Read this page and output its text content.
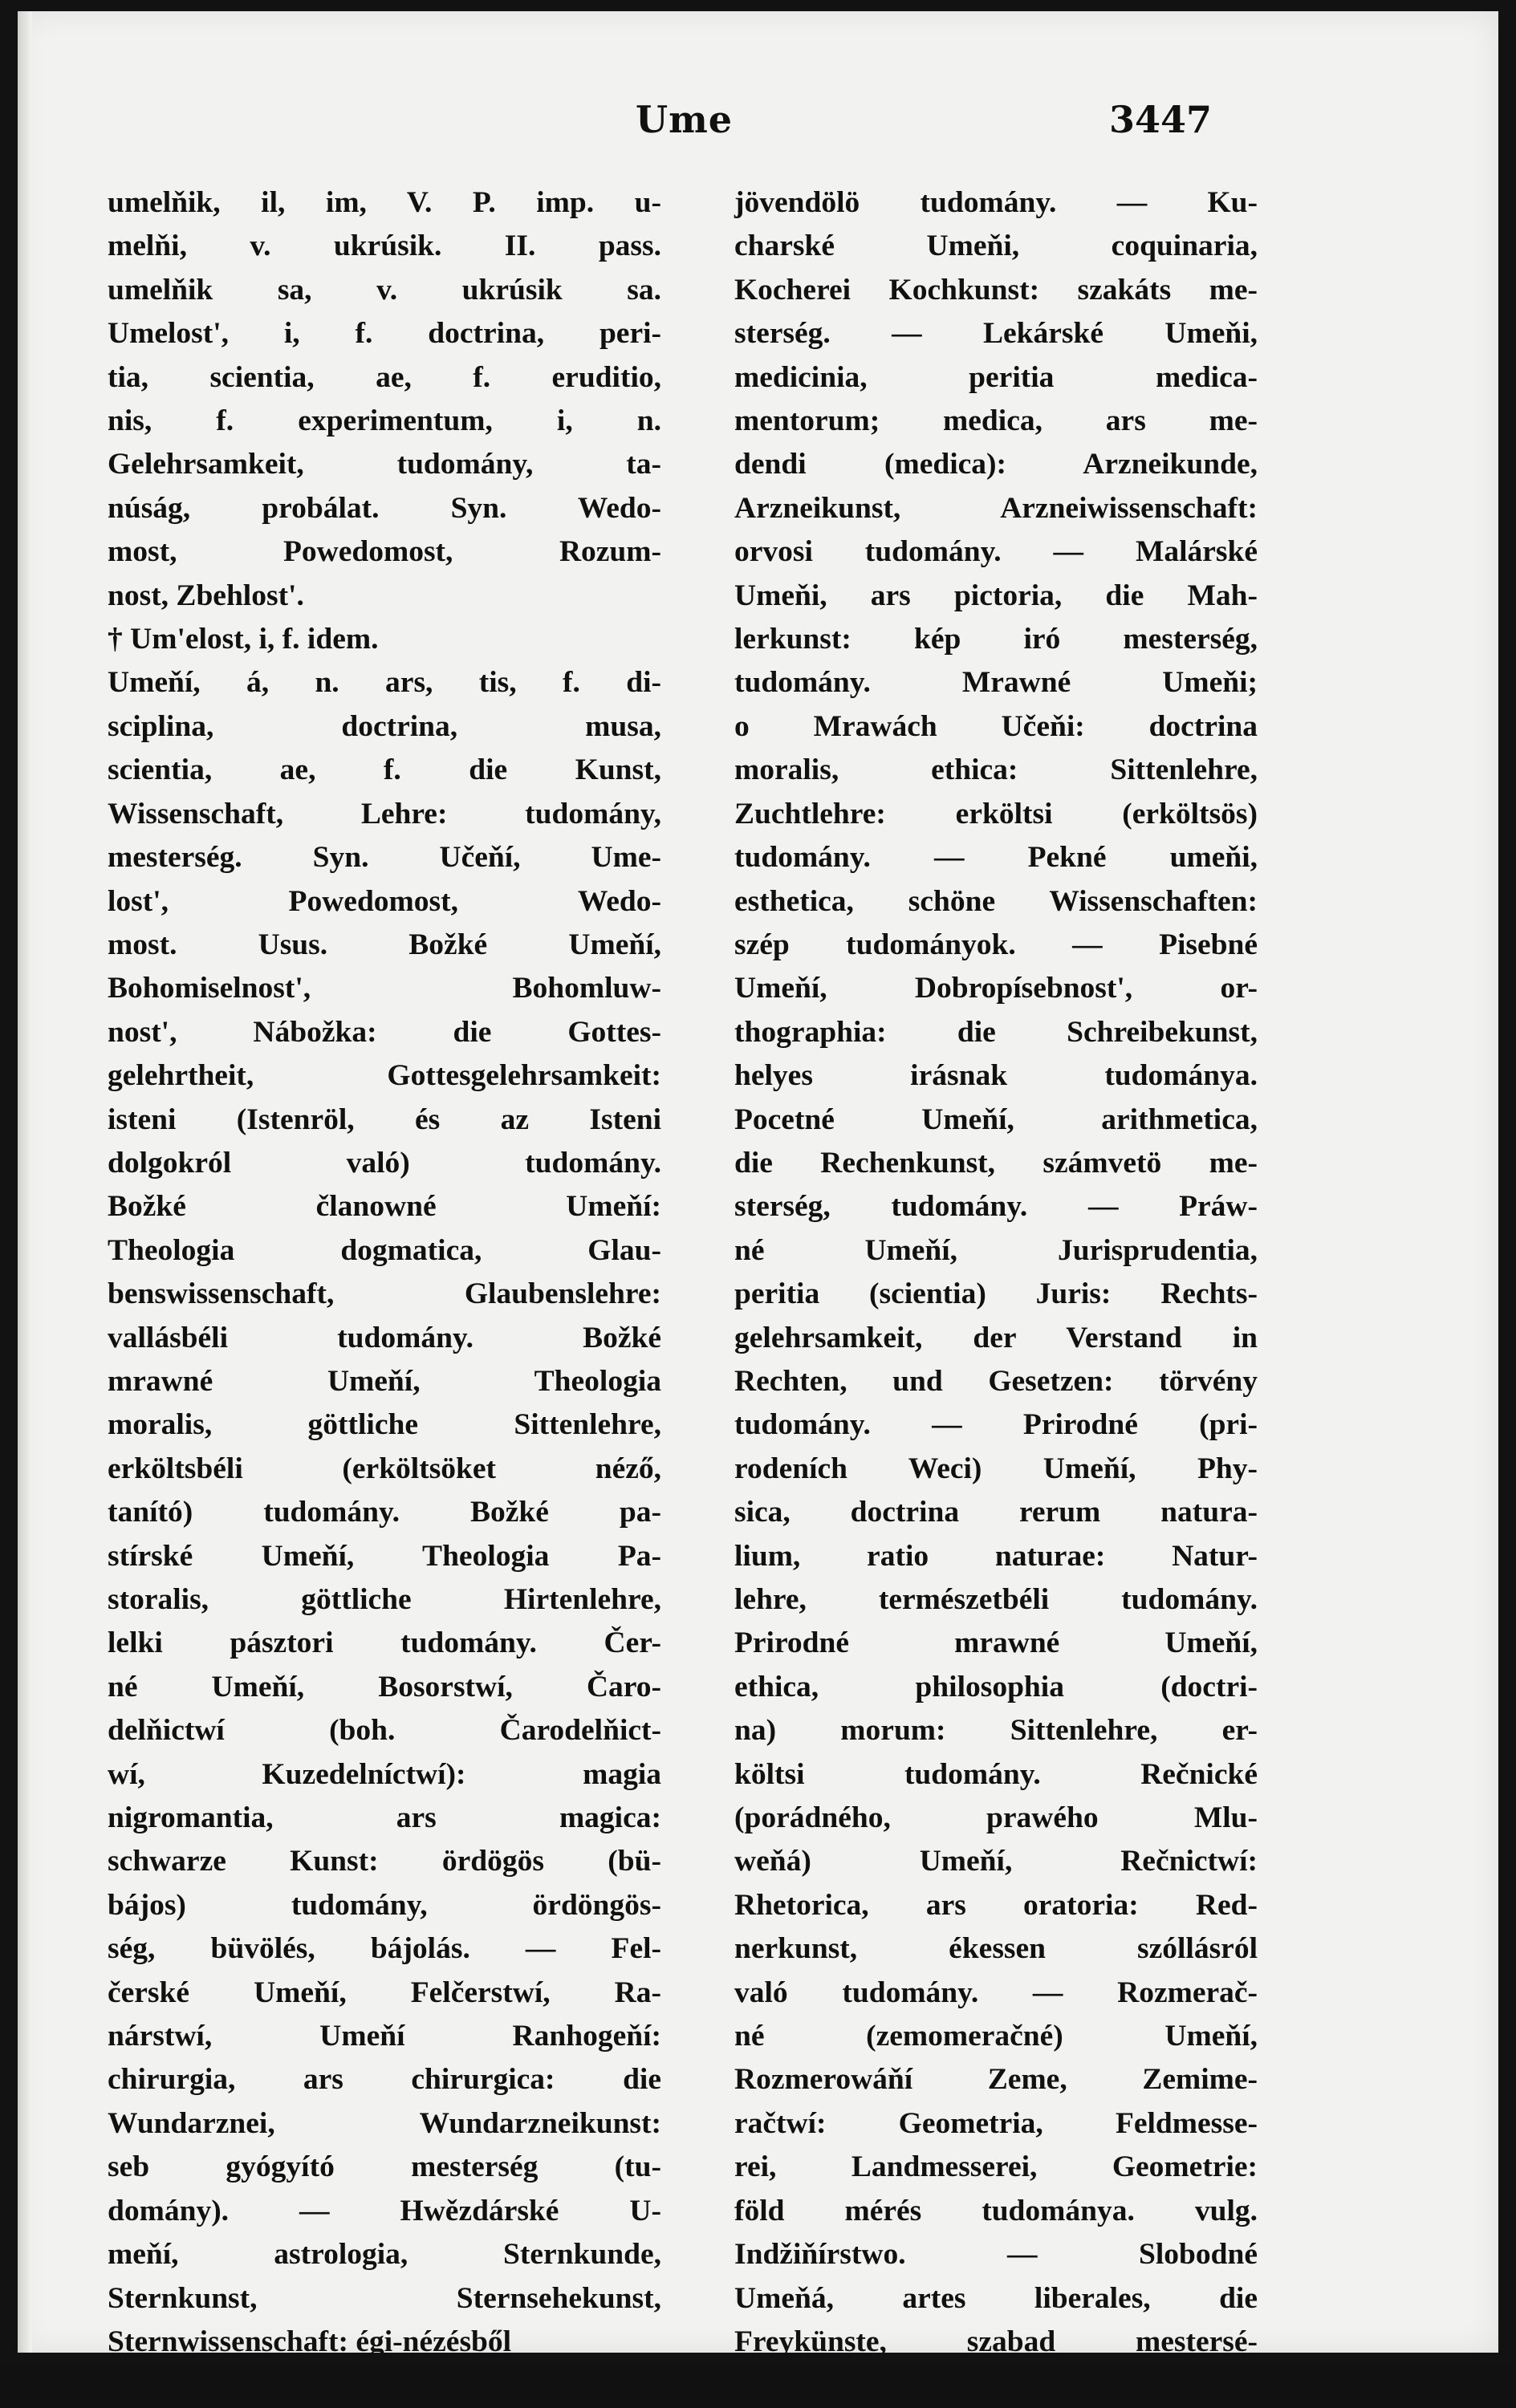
Ume	3447
umelňik, il, im, V. P. imp. u-
melňi, v. ukrúsik. II. pass.
umelňik sa, v. ukrúsik sa.
Umelost', i, f. doctrina, peri-
tia, scientia, ae, f. eruditio,
nis, f. experimentum, i, n.
Gelehrsamkeit, tudomány, ta-
núság, probálat. Syn. Wedo-
most, Powedomost, Rozum-
nost, Zbehlost'.
† Um'elost, i, f. idem.
Umeňí, á, n. ars, tis, f. di-
sciplina, doctrina, musa,
scientia, ae, f. die Kunst,
Wissenschaft, Lehre: tudomány,
mesterség. Syn. Učeňí, Ume-
lost', Powedomost, Wedo-
most. Usus. Božké Umeňí,
Bohomiselnost', Bohomluw-
nost', Nábožka: die Gottes-
gelehrtheit, Gottesgelehrsamkeit:
isteni (Istenröl, és az Isteni
dolgokról való) tudomány.
Božké članowné Umeňí:
Theologia dogmatica, Glau-
benswissenschaft, Glaubenslehre:
vallásbéli tudomány. Božké
mrawné Umeňí, Theologia
moralis, göttliche Sittenlehre,
erköltsbéli (erköltsöket néző,
tanító) tudomány. Božké pa-
stírské Umeňí, Theologia Pa-
storalis, göttliche Hirtenlehre,
lelki pásztori tudomány. Čer-
né Umeňí, Bosorstwí, Čaro-
delňictwí (boh. Čarodelňict-
wí, Kuzedelníctwí): magia
nigromantia, ars magica:
schwarze Kunst: ördögös (bü-
bájos) tudomány, ördöngös-
ség, büvölés, bájolás. — Fel-
čerské Umeňí, Felčerstwí, Ra-
nárstwí, Umeňí Ranhogeňí:
chirurgia, ars chirurgica: die
Wundarznei, Wundarzneikunst:
seb gyógyító mesterség (tu-
domány). — Hwězdárské U-
meňí, astrologia, Sternkunde,
Sternkunst, Sternsehekunst,
Sternwissenschaft: égi-nézésből
jövendölö tudomány. — Ku-
charské Umeňi, coquinaria,
Kocherei Kochkunst: szakáts me-
sterség. — Lekárské Umeňi,
medicinia, peritia medica-
mentorum; medica, ars me-
dendi (medica): Arzneikunde,
Arzneikunst, Arzneiwissenschaft:
orvosi tudomány. — Malárské
Umeňi, ars pictoria, die Mah-
lerkunst: kép iró mesterség,
tudomány. Mrawné Umeňi;
o Mrawách Učeňi: doctrina
moralis, ethica: Sittenlehre,
Zuchtlehre: erköltsi (erköltsös)
tudomány. — Pekné umeňi,
esthetica, schöne Wissenschaften:
szép tudományok. — Pisebné
Umeňí, Dobropísebnost', or-
thographia: die Schreibekunst,
helyes irásnak tudománya.
Pocetné Umeňí, arithmetica,
die Rechenkunst, számvetö me-
sterség, tudomány. — Práw-
né Umeňí, Jurisprudentia,
peritia (scientia) Juris: Rechts-
gelehrsamkeit, der Verstand in
Rechten, und Gesetzen: törvény
tudomány. — Prirodné (pri-
rodeních Weci) Umeňí, Phy-
sica, doctrina rerum natura-
lium, ratio naturae: Natur-
lehre, természetbéli tudomány.
Prirodné mrawné Umeňí,
ethica, philosophia (doctri-
na) morum: Sittenlehre, er-
költsi tudomány. Rečnické
(porádného, prawého Mlu-
weňá) Umeňí, Rečnictwí:
Rhetorica, ars oratoria: Red-
nerkunst, ékessen szóllásról
való tudomány. — Rozmerač-
né (zemomeračné) Umeňí,
Rozmerowáňí Zeme, Zemime-
račtwí: Geometria, Feldmesse-
rei, Landmesserei, Geometrie:
föld mérés tudománya. vulg.
Indžiňírstwo. — Slobodné
Umeňá, artes liberales, die
Freykünste, szabad mestersé-
gek.
